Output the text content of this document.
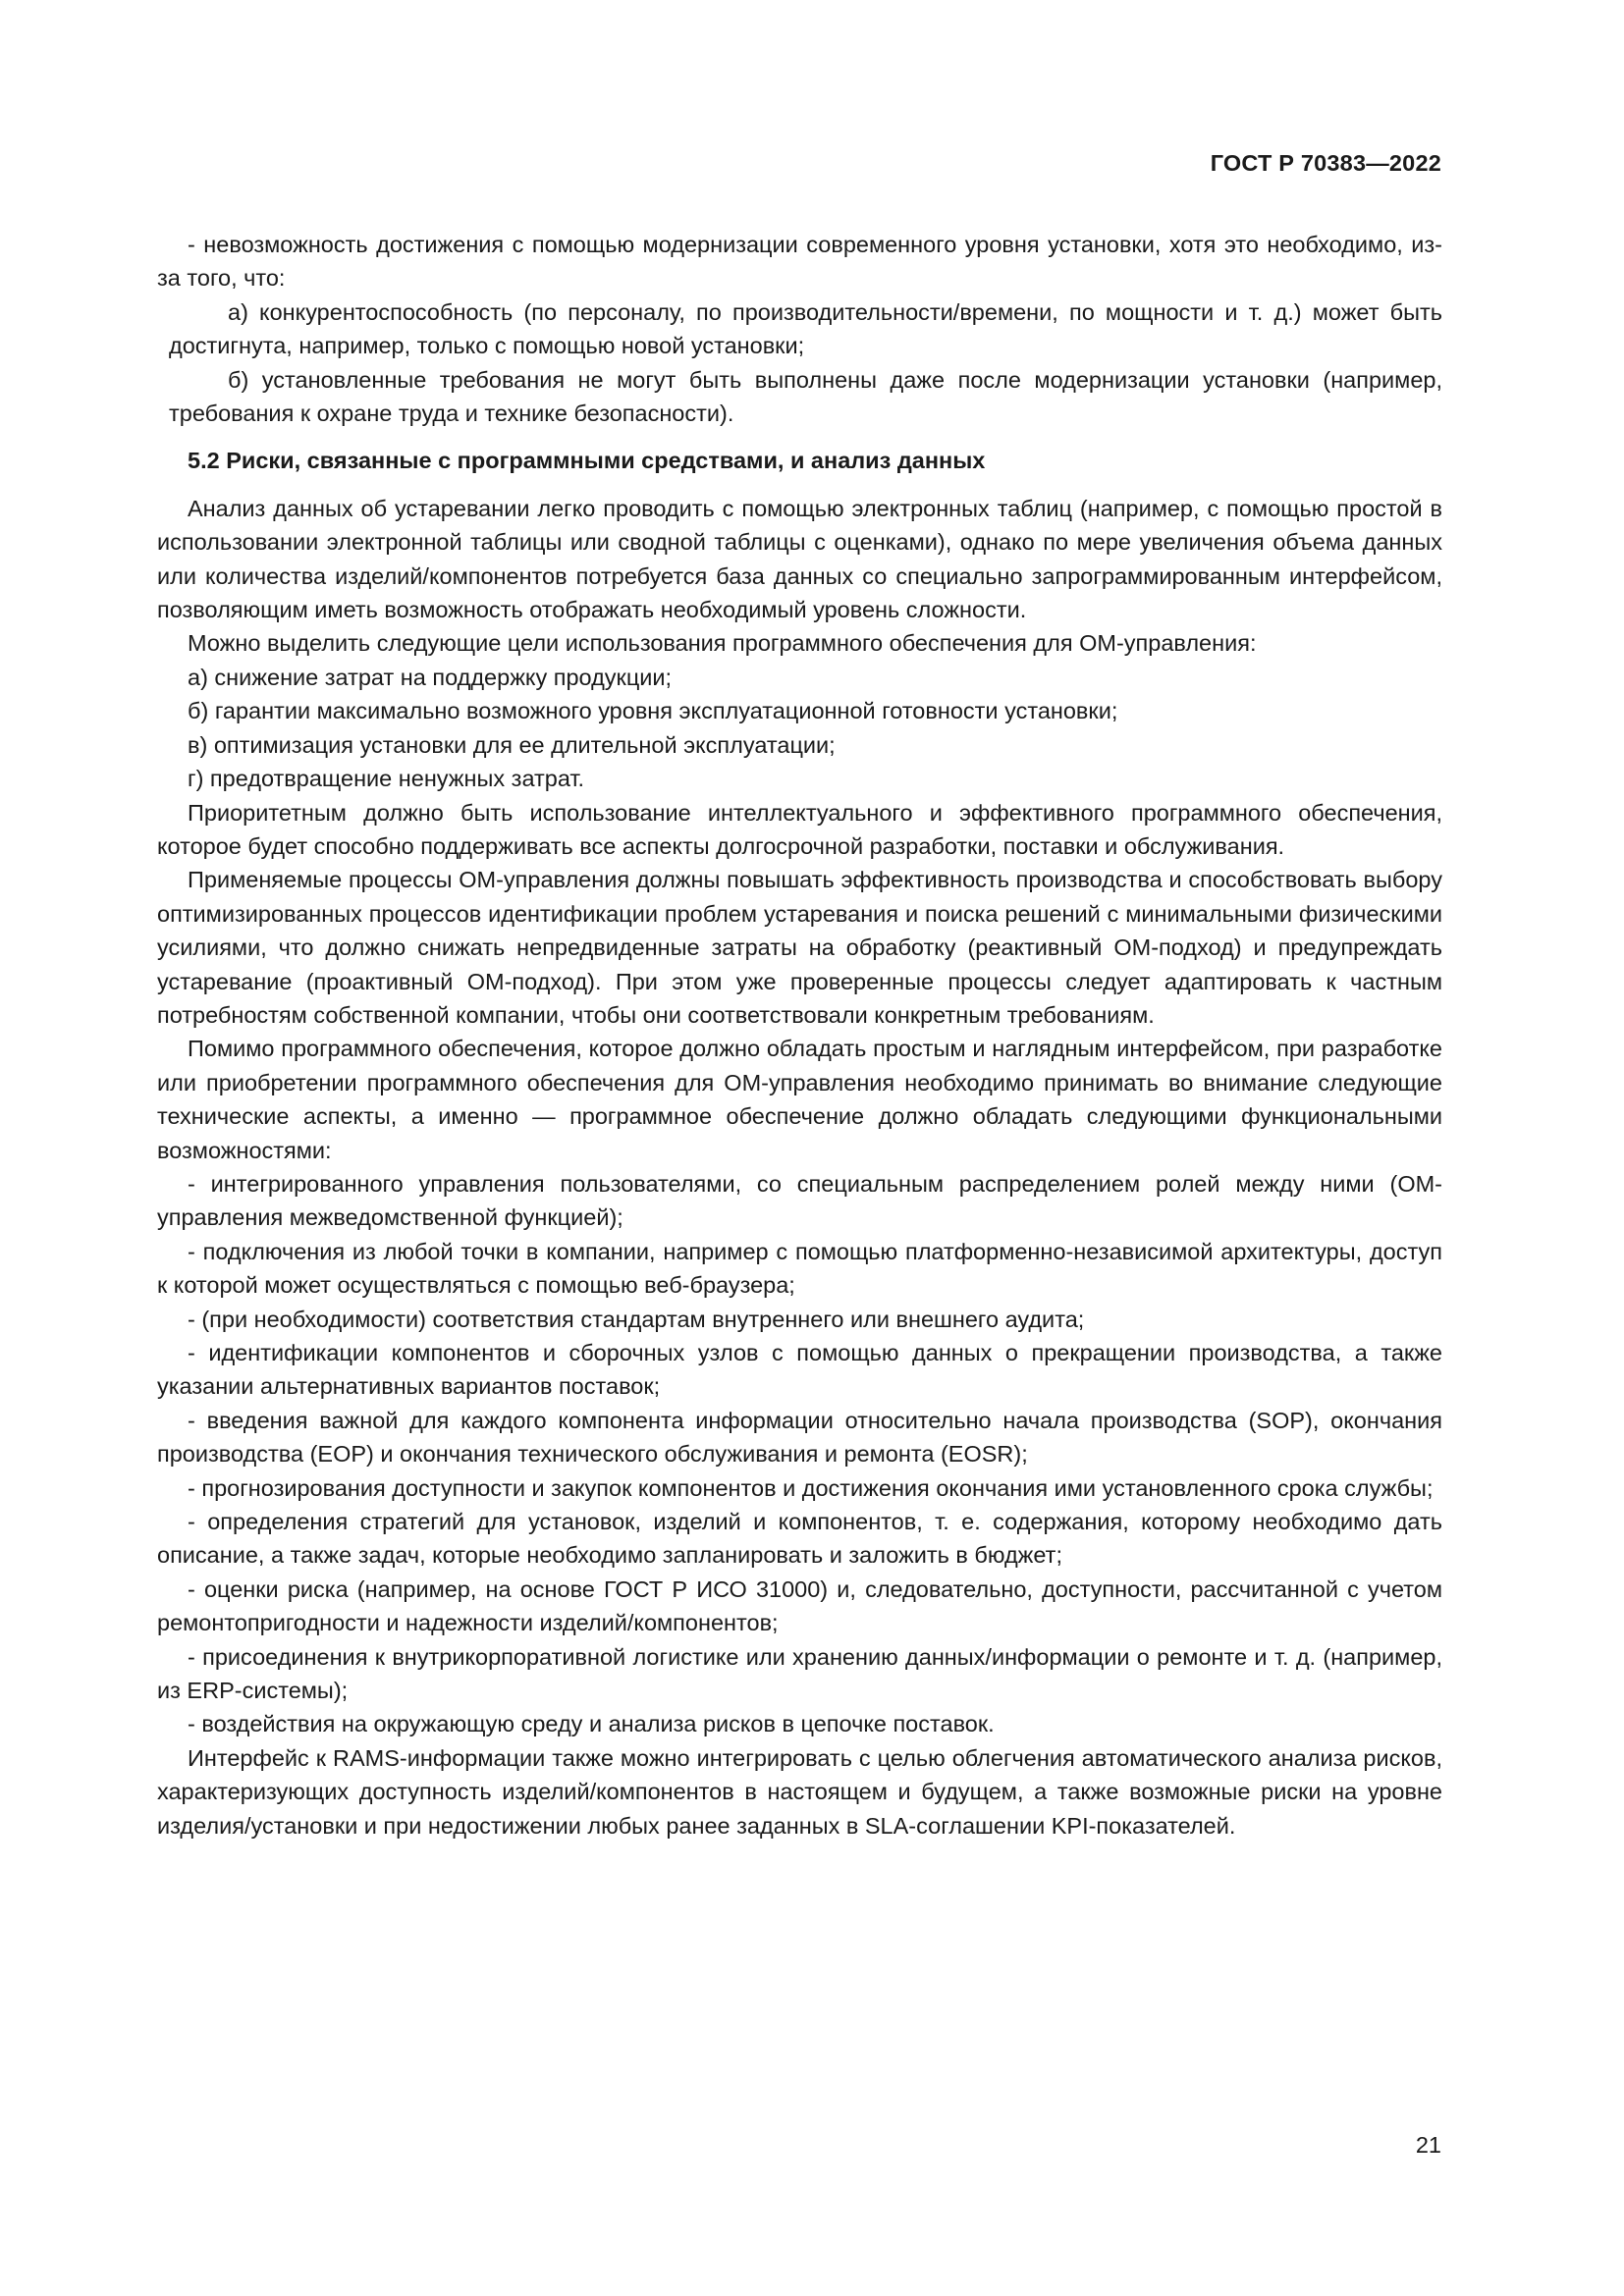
ГОСТ Р 70383—2022

- невозможность достижения с помощью модернизации современного уровня установки, хотя это необходимо, из-за того, что:

а) конкурентоспособность (по персоналу, по производительности/времени, по мощности и т. д.) может быть достигнута, например, только с помощью новой установки;

б) установленные требования не могут быть выполнены даже после модернизации установки (например, требования к охране труда и технике безопасности).

5.2 Риски, связанные с программными средствами, и анализ данных

Анализ данных об устаревании легко проводить с помощью электронных таблиц (например, с помощью простой в использовании электронной таблицы или сводной таблицы с оценками), однако по мере увеличения объема данных или количества изделий/компонентов потребуется база данных со специально запрограммированным интерфейсом, позволяющим иметь возможность отображать необходимый уровень сложности.

Можно выделить следующие цели использования программного обеспечения для ОМ-управления:

а) снижение затрат на поддержку продукции;

б) гарантии максимально возможного уровня эксплуатационной готовности установки;

в) оптимизация установки для ее длительной эксплуатации;

г) предотвращение ненужных затрат.

Приоритетным должно быть использование интеллектуального и эффективного программного обеспечения, которое будет способно поддерживать все аспекты долгосрочной разработки, поставки и обслуживания.

Применяемые процессы ОМ-управления должны повышать эффективность производства и способствовать выбору оптимизированных процессов идентификации проблем устаревания и поиска решений с минимальными физическими усилиями, что должно снижать непредвиденные затраты на обработку (реактивный ОМ-подход) и предупреждать устаревание (проактивный ОМ-подход). При этом уже проверенные процессы следует адаптировать к частным потребностям собственной компании, чтобы они соответствовали конкретным требованиям.

Помимо программного обеспечения, которое должно обладать простым и наглядным интерфейсом, при разработке или приобретении программного обеспечения для ОМ-управления необходимо принимать во внимание следующие технические аспекты, а именно — программное обеспечение должно обладать следующими функциональными возможностями:

- интегрированного управления пользователями, со специальным распределением ролей между ними (ОМ-управления межведомственной функцией);

- подключения из любой точки в компании, например с помощью платформенно-независимой архитектуры, доступ к которой может осуществляться с помощью веб-браузера;

- (при необходимости) соответствия стандартам внутреннего или внешнего аудита;

- идентификации компонентов и сборочных узлов с помощью данных о прекращении производства, а также указании альтернативных вариантов поставок;

- введения важной для каждого компонента информации относительно начала производства (SOP), окончания производства (EOP) и окончания технического обслуживания и ремонта (EOSR);

- прогнозирования доступности и закупок компонентов и достижения окончания ими установленного срока службы;

- определения стратегий для установок, изделий и компонентов, т. е. содержания, которому необходимо дать описание, а также задач, которые необходимо запланировать и заложить в бюджет;

- оценки риска (например, на основе ГОСТ Р ИСО 31000) и, следовательно, доступности, рассчитанной с учетом ремонтопригодности и надежности изделий/компонентов;

- присоединения к внутрикорпоративной логистике или хранению данных/информации о ремонте и т. д. (например, из ERP-системы);

- воздействия на окружающую среду и анализа рисков в цепочке поставок.

Интерфейс к RAMS-информации также можно интегрировать с целью облегчения автоматического анализа рисков, характеризующих доступность изделий/компонентов в настоящем и будущем, а также возможные риски на уровне изделия/установки и при недостижении любых ранее заданных в SLA-соглашении KPI-показателей.

21
